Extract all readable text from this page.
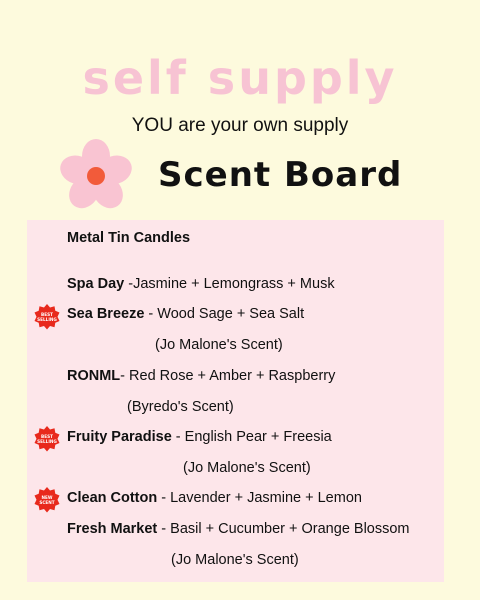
self supply
YOU are your own supply
Scent Board
Metal Tin Candles
Spa Day -Jasmine + Lemongrass + Musk
BEST
SELLING Sea Breeze - Wood Sage + Sea Salt
(Jo Malone's Scent)
RONML- Red Rose + Amber + Raspberry
(Byredo's Scent)
BEST
SELLING Fruity Paradise - English Pear + Freesia
(Jo Malone's Scent)
NEW
SCENT Clean Cotton - Lavender + Jasmine + Lemon
Fresh Market - Basil + Cucumber + Orange Blossom
(Jo Malone's Scent)
